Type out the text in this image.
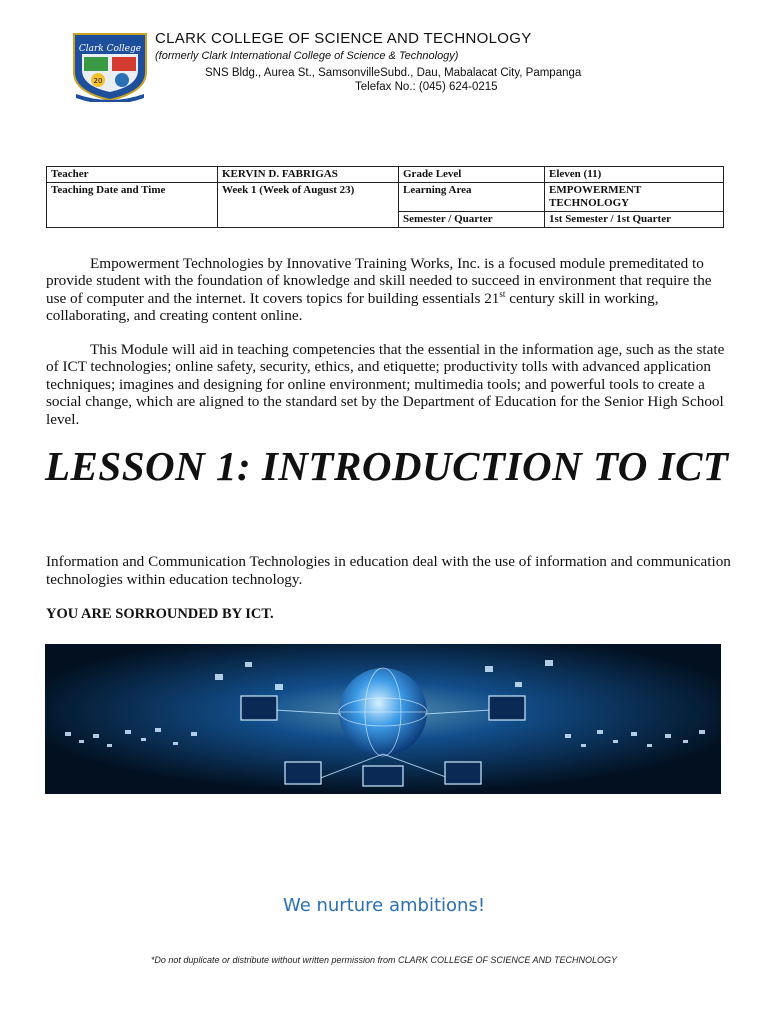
Clark College
20
CLARK COLLEGE OF SCIENCE AND TECHNOLOGY
(formerly Clark International College of Science & Technology)
SNS Bldg., Aurea St., SamsonvilleSubd., Dau, Mabalacat City, Pampanga
Telefax No.: (045) 624-0215
Teacher	KERVIN D. FABRIGAS	Grade Level	Eleven (11)
Teaching Date and Time	Week 1 (Week of August 23)	Learning Area	EMPOWERMENT TECHNOLOGY
		Semester / Quarter	1st Semester / 1st Quarter
Empowerment Technologies by Innovative Training Works, Inc. is a focused module premeditated to provide student with the foundation of knowledge and skill needed to succeed in environment that require the use of computer and the internet. It covers topics for building essentials 21st century skill in working, collaborating, and creating content online.
This Module will aid in teaching competencies that the essential in the information age, such as the state of ICT technologies; online safety, security, ethics, and etiquette; productivity tolls with advanced application techniques; imagines and designing for online environment; multimedia tools; and powerful tools to create a social change, which are aligned to the standard set by the Department of Education for the Senior High School level.
LESSON 1: INTRODUCTION TO ICT
Information and Communication Technologies in education deal with the use of information and communication technologies within education technology.
YOU ARE SORROUNDED BY ICT.
We nurture ambitions!
*Do not duplicate or distribute without written permission from CLARK COLLEGE OF SCIENCE AND TECHNOLOGY
